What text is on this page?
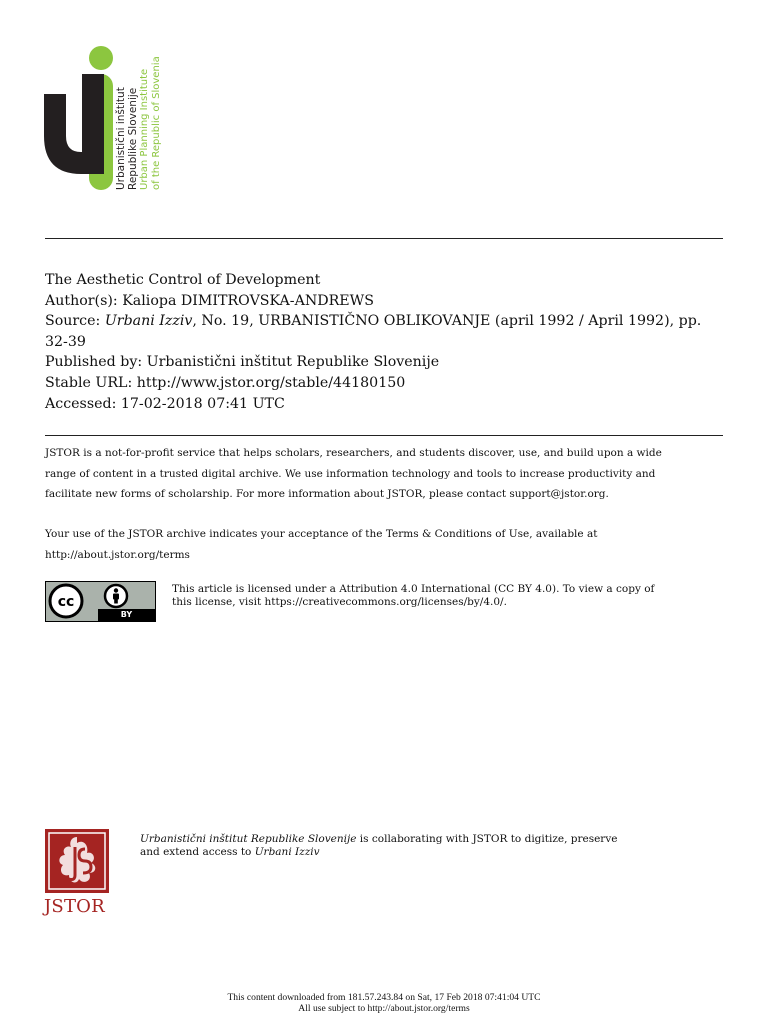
Urbanistični inštitut Republike Slovenije Urban Planning Institute of the Republic of Slovenia
The Aesthetic Control of Development
Author(s): Kaliopa DIMITROVSKA-ANDREWS
Source: Urbani Izziv, No. 19, URBANISTIČNO OBLIKOVANJE (april 1992 / April 1992), pp.
32-39
Published by: Urbanistični inštitut Republike Slovenije
Stable URL: http://www.jstor.org/stable/44180150
Accessed: 17-02-2018 07:41 UTC
JSTOR is a not-for-profit service that helps scholars, researchers, and students discover, use, and build upon a wide
range of content in a trusted digital archive. We use information technology and tools to increase productivity and
facilitate new forms of scholarship. For more information about JSTOR, please contact support@jstor.org.
Your use of the JSTOR archive indicates your acceptance of the Terms & Conditions of Use, available at
http://about.jstor.org/terms
cc
BY
This article is licensed under a Attribution 4.0 International (CC BY 4.0). To view a copy of
this license, visit https://creativecommons.org/licenses/by/4.0/.
JSTOR
Urbanistični inštitut Republike Slovenije is collaborating with JSTOR to digitize, preserve
and extend access to Urbani Izziv
This content downloaded from 181.57.243.84 on Sat, 17 Feb 2018 07:41:04 UTC
All use subject to http://about.jstor.org/terms
